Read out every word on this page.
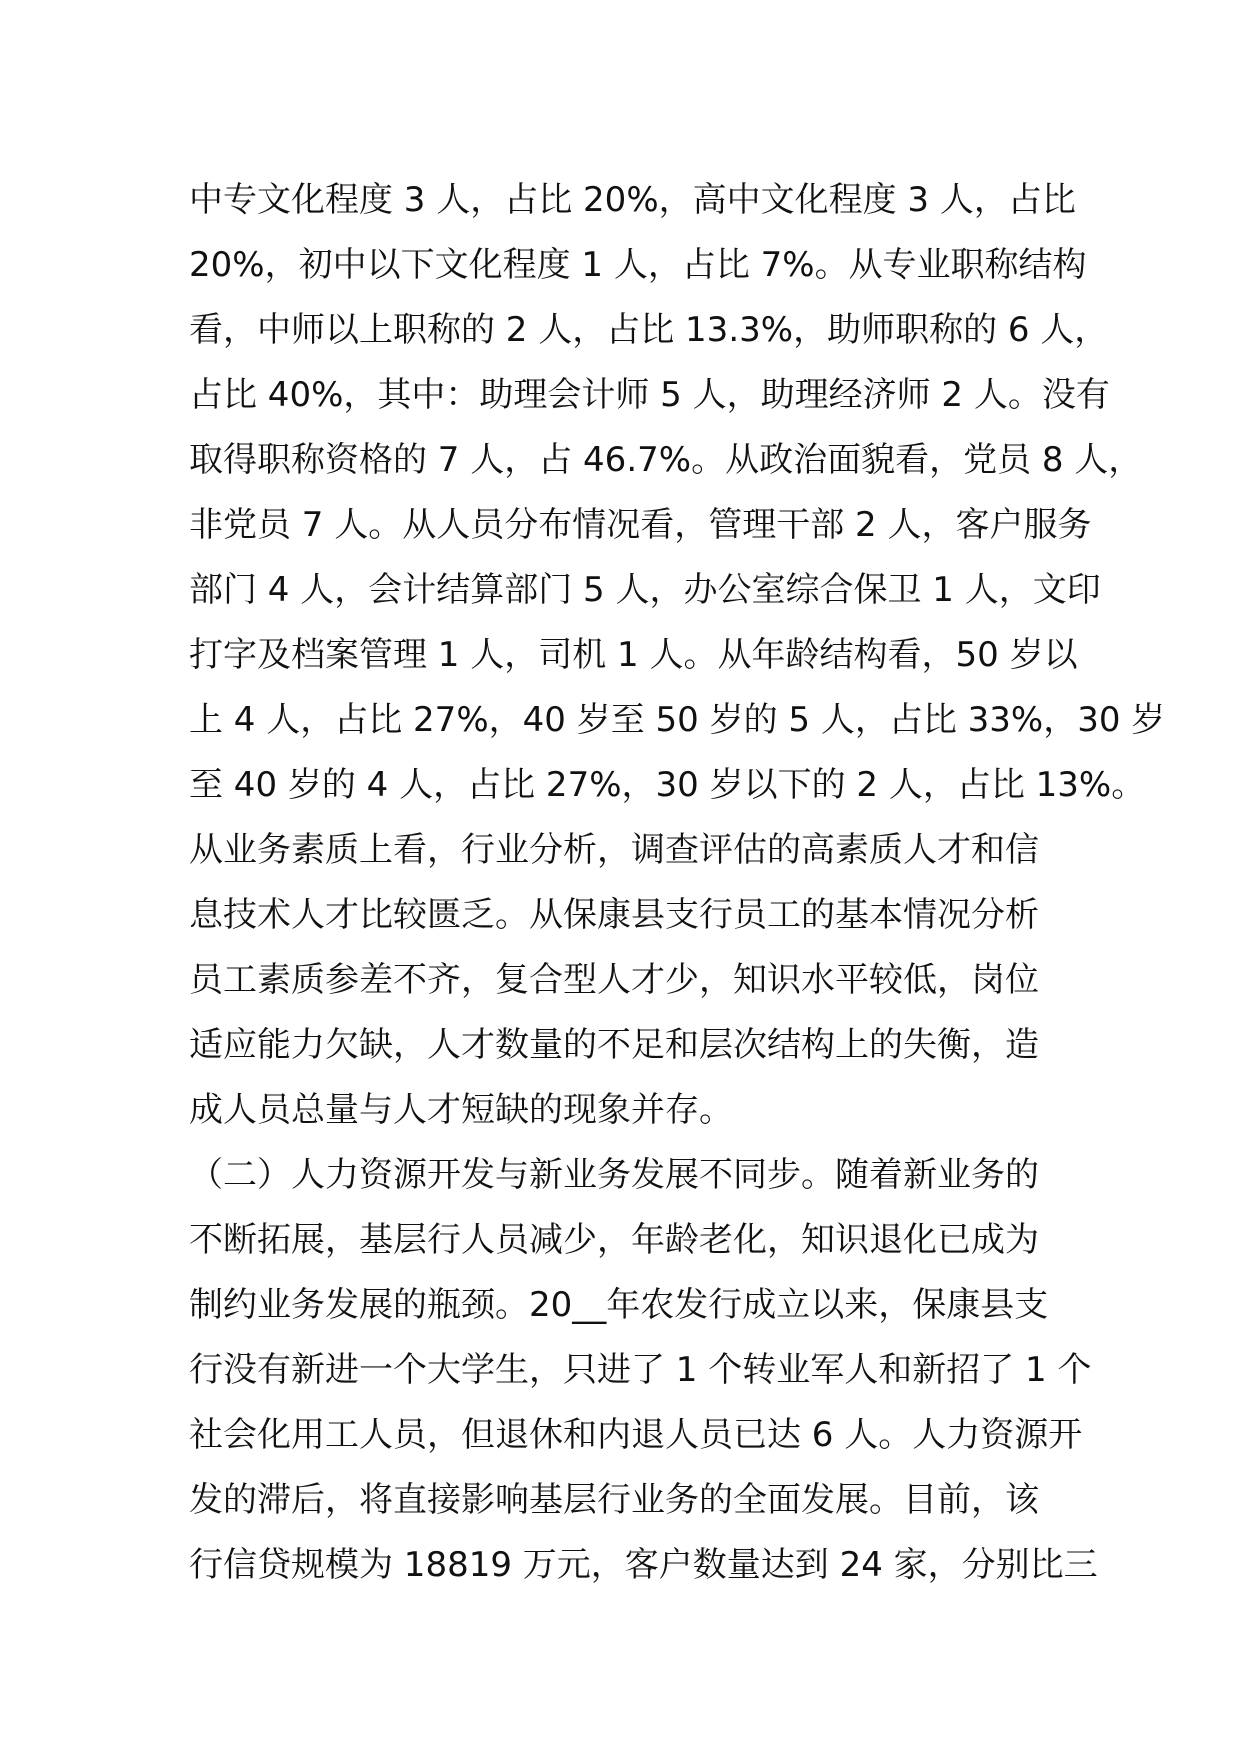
中专文化程度 3 人，占比 20%，高中文化程度 3 人，占比
20%，初中以下文化程度 1 人，占比 7%。从专业职称结构
看，中师以上职称的 2 人，占比 13.3%，助师职称的 6 人，
占比 40%，其中：助理会计师 5 人，助理经济师 2 人。没有
取得职称资格的 7 人，占 46.7%。从政治面貌看，党员 8 人，
非党员 7 人。从人员分布情况看，管理干部 2 人，客户服务
部门 4 人，会计结算部门 5 人，办公室综合保卫 1 人，文印
打字及档案管理 1 人，司机 1 人。从年龄结构看，50 岁以
上 4 人，占比 27%，40 岁至 50 岁的 5 人，占比 33%，30 岁
至 40 岁的 4 人，占比 27%，30 岁以下的 2 人，占比 13%。
从业务素质上看，行业分析，调查评估的高素质人才和信
息技术人才比较匮乏。从保康县支行员工的基本情况分析
员工素质参差不齐，复合型人才少，知识水平较低，岗位
适应能力欠缺，人才数量的不足和层次结构上的失衡，造
成人员总量与人才短缺的现象并存。
（二）人力资源开发与新业务发展不同步。随着新业务的
不断拓展，基层行人员减少，年龄老化，知识退化已成为
制约业务发展的瓶颈。20__年农发行成立以来，保康县支
行没有新进一个大学生，只进了 1 个转业军人和新招了 1 个
社会化用工人员，但退休和内退人员已达 6 人。人力资源开
发的滞后，将直接影响基层行业务的全面发展。目前，该
行信贷规模为 18819 万元，客户数量达到 24 家，分别比三
